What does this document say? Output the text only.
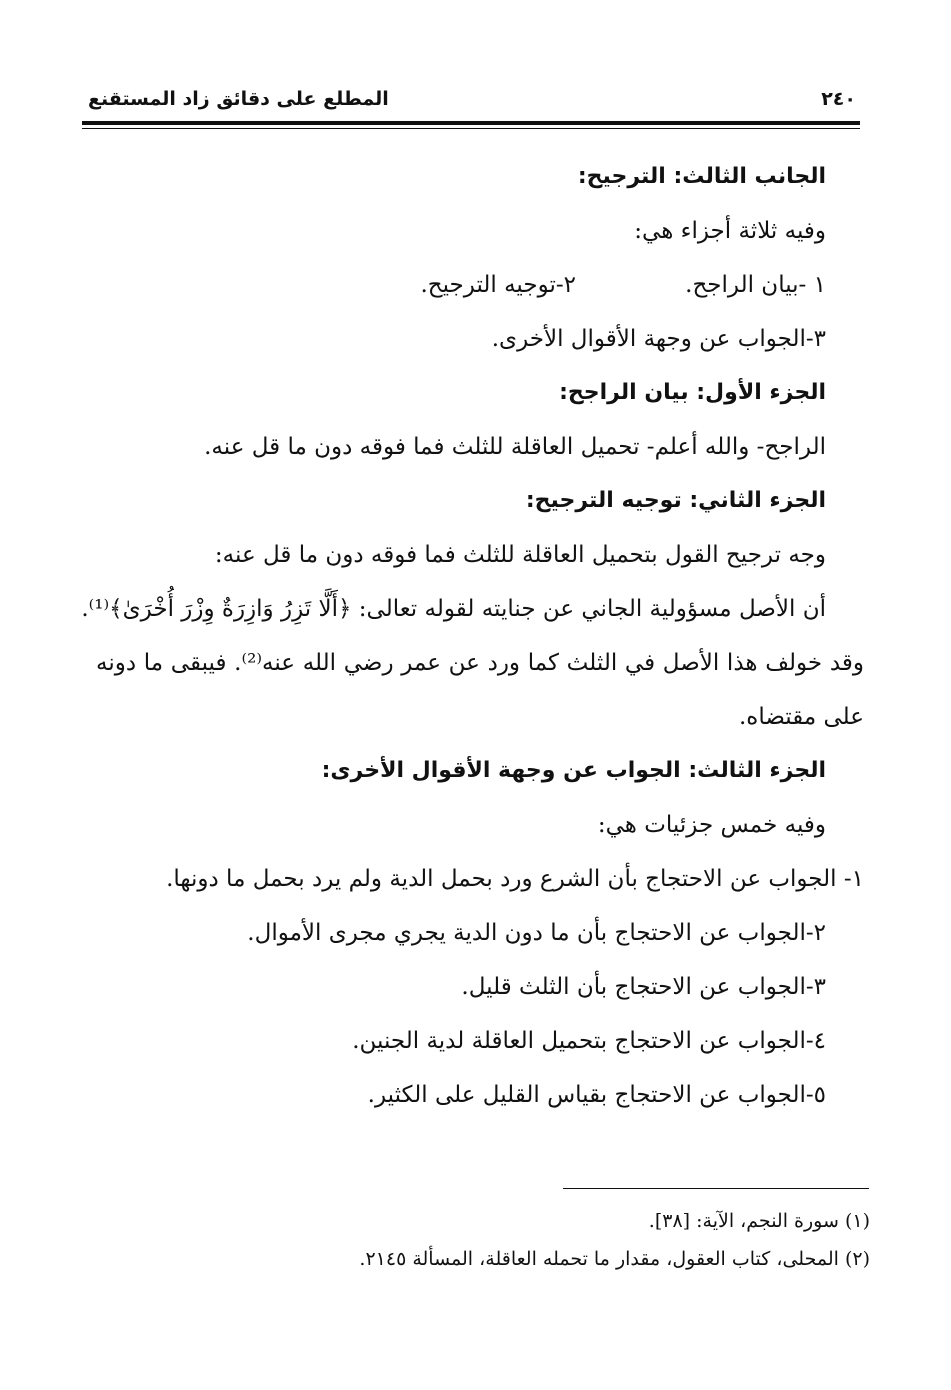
٢٤٠
المطلع على دقائق زاد المستقنع

الجانب الثالث: الترجيح:

وفيه ثلاثة أجزاء هي:

١ -بيان الراجح.
٢-توجيه الترجيح.

٣-الجواب عن وجهة الأقوال الأخرى.

الجزء الأول: بيان الراجح:

الراجح- والله أعلم- تحميل العاقلة للثلث فما فوقه دون ما قل عنه.

الجزء الثاني: توجيه الترجيح:

وجه ترجيح القول بتحميل العاقلة للثلث فما فوقه دون ما قل عنه:

أن الأصل مسؤولية الجاني عن جنايته لقوله تعالى: ﴿أَلَّا تَزِرُ وَازِرَةٌ وِزْرَ أُخْرَىٰ﴾⁽¹⁾.

وقد خولف هذا الأصل في الثلث كما ورد عن عمر رضي الله عنه⁽²⁾. فيبقى ما دونه على مقتضاه.

الجزء الثالث: الجواب عن وجهة الأقوال الأخرى:

وفيه خمس جزئيات هي:

١- الجواب عن الاحتجاج بأن الشرع ورد بحمل الدية ولم يرد بحمل ما دونها.

٢-الجواب عن الاحتجاج بأن ما دون الدية يجري مجرى الأموال.

٣-الجواب عن الاحتجاج بأن الثلث قليل.

٤-الجواب عن الاحتجاج بتحميل العاقلة لدية الجنين.

٥-الجواب عن الاحتجاج بقياس القليل على الكثير.

(١) سورة النجم، الآية: [٣٨].

(٢) المحلى، كتاب العقول، مقدار ما تحمله العاقلة، المسألة ٢١٤٥.
